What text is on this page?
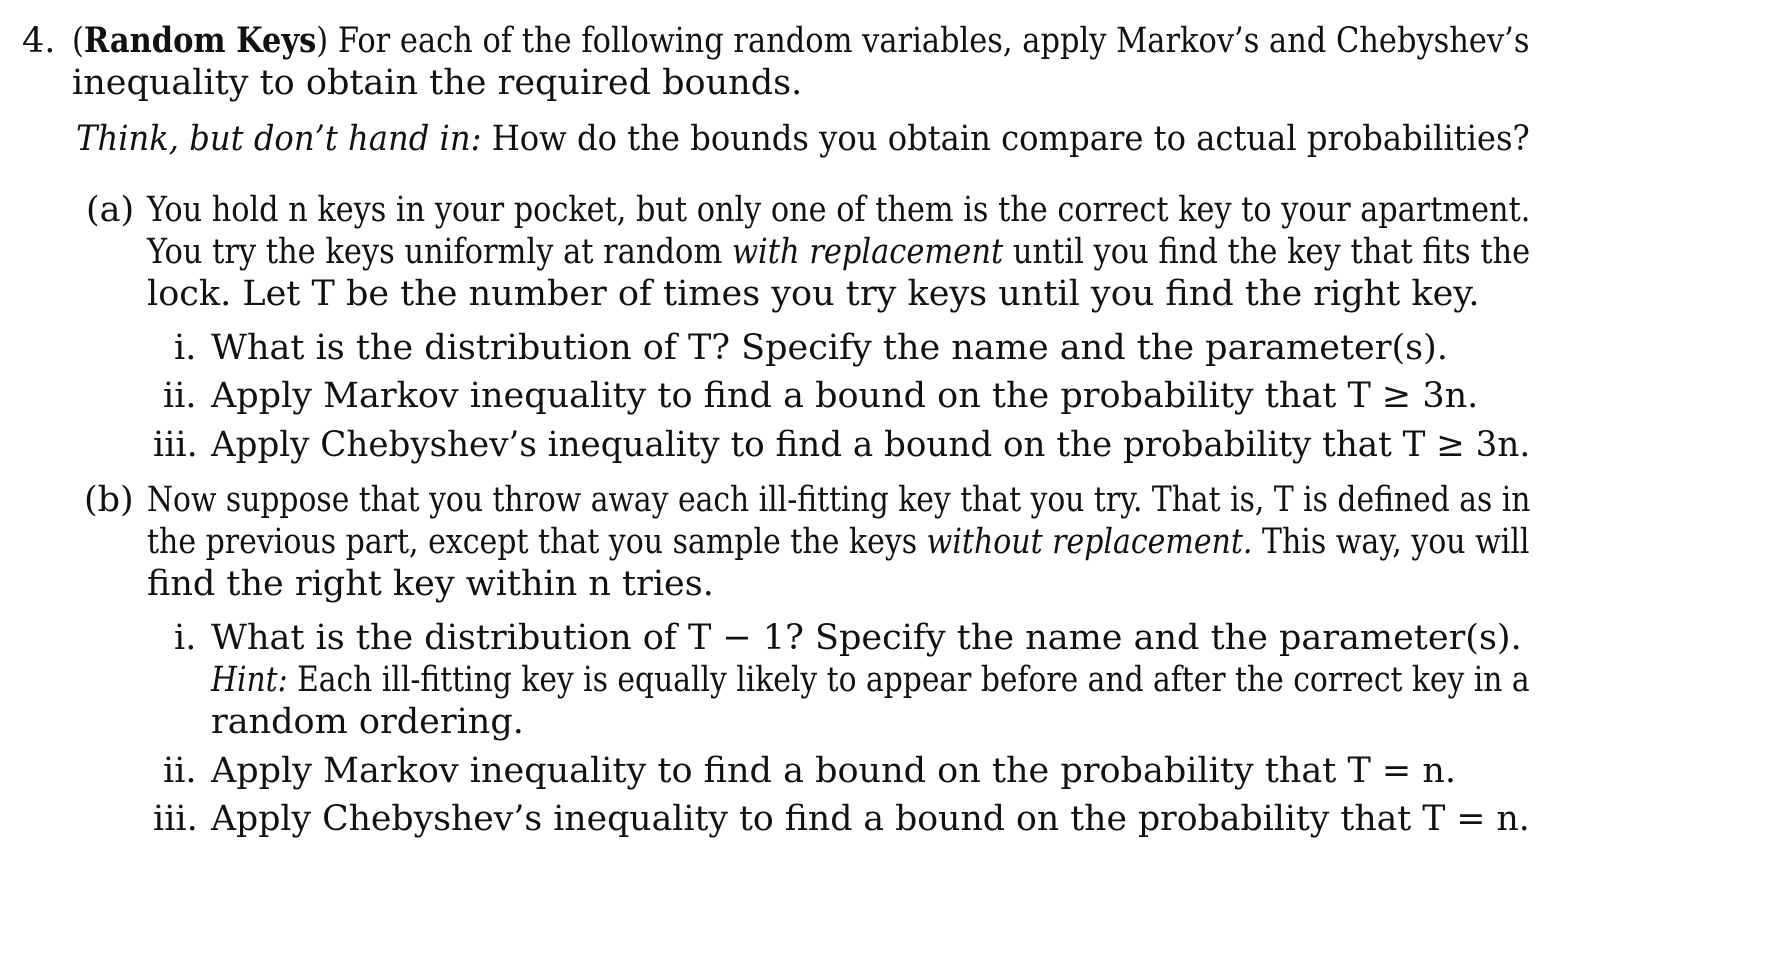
4. (Random Keys) For each of the following random variables, apply Markov’s and Chebyshev’s
inequality to obtain the required bounds.
Think, but don’t hand in: How do the bounds you obtain compare to actual probabilities?
(a) You hold n keys in your pocket, but only one of them is the correct key to your apartment.
You try the keys uniformly at random with replacement until you find the key that fits the
lock. Let T be the number of times you try keys until you find the right key.
i. What is the distribution of T? Specify the name and the parameter(s).
ii. Apply Markov inequality to find a bound on the probability that T ≥ 3n.
iii. Apply Chebyshev’s inequality to find a bound on the probability that T ≥ 3n.
(b) Now suppose that you throw away each ill-fitting key that you try. That is, T is defined as in
the previous part, except that you sample the keys without replacement. This way, you will
find the right key within n tries.
i. What is the distribution of T − 1? Specify the name and the parameter(s).
Hint: Each ill-fitting key is equally likely to appear before and after the correct key in a
random ordering.
ii. Apply Markov inequality to find a bound on the probability that T = n.
iii. Apply Chebyshev’s inequality to find a bound on the probability that T = n.
